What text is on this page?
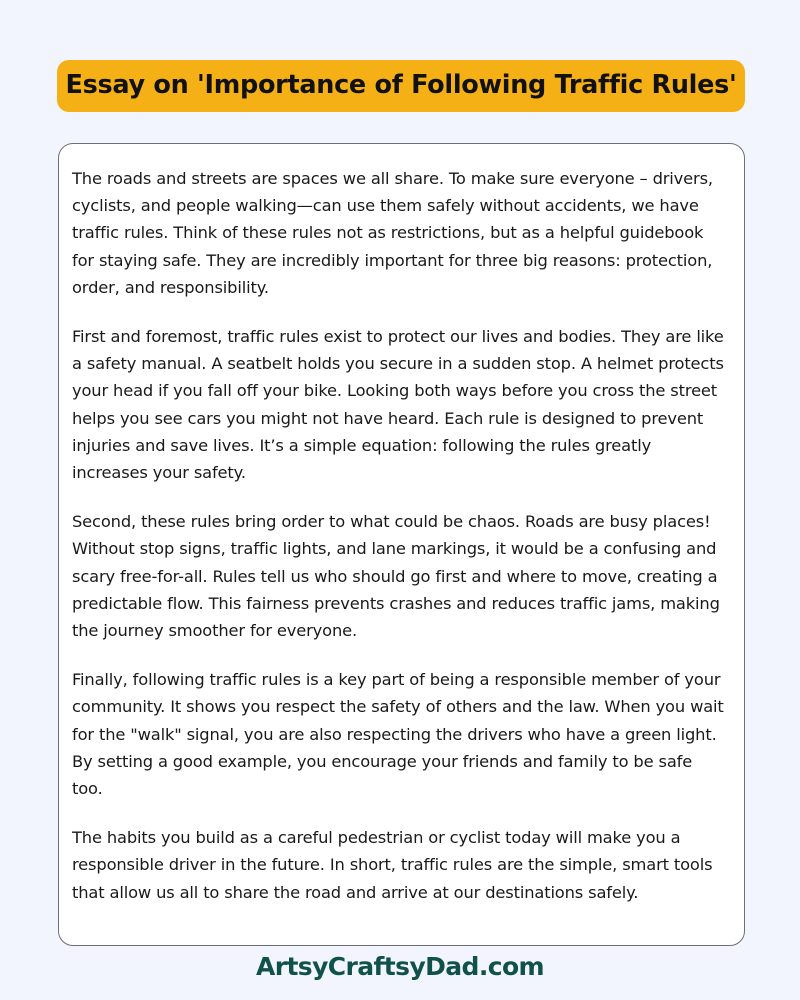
Essay on 'Importance of Following Traffic Rules'

The roads and streets are spaces we all share. To make sure everyone – drivers, cyclists, and people walking—can use them safely without accidents, we have traffic rules. Think of these rules not as restrictions, but as a helpful guidebook for staying safe. They are incredibly important for three big reasons: protection, order, and responsibility.

First and foremost, traffic rules exist to protect our lives and bodies. They are like a safety manual. A seatbelt holds you secure in a sudden stop. A helmet protects your head if you fall off your bike. Looking both ways before you cross the street helps you see cars you might not have heard. Each rule is designed to prevent injuries and save lives. It’s a simple equation: following the rules greatly increases your safety.

Second, these rules bring order to what could be chaos. Roads are busy places! Without stop signs, traffic lights, and lane markings, it would be a confusing and scary free-for-all. Rules tell us who should go first and where to move, creating a predictable flow. This fairness prevents crashes and reduces traffic jams, making the journey smoother for everyone.

Finally, following traffic rules is a key part of being a responsible member of your community. It shows you respect the safety of others and the law. When you wait for the "walk" signal, you are also respecting the drivers who have a green light. By setting a good example, you encourage your friends and family to be safe too.

The habits you build as a careful pedestrian or cyclist today will make you a responsible driver in the future. In short, traffic rules are the simple, smart tools that allow us all to share the road and arrive at our destinations safely.

ArtsyCraftsyDad.com
